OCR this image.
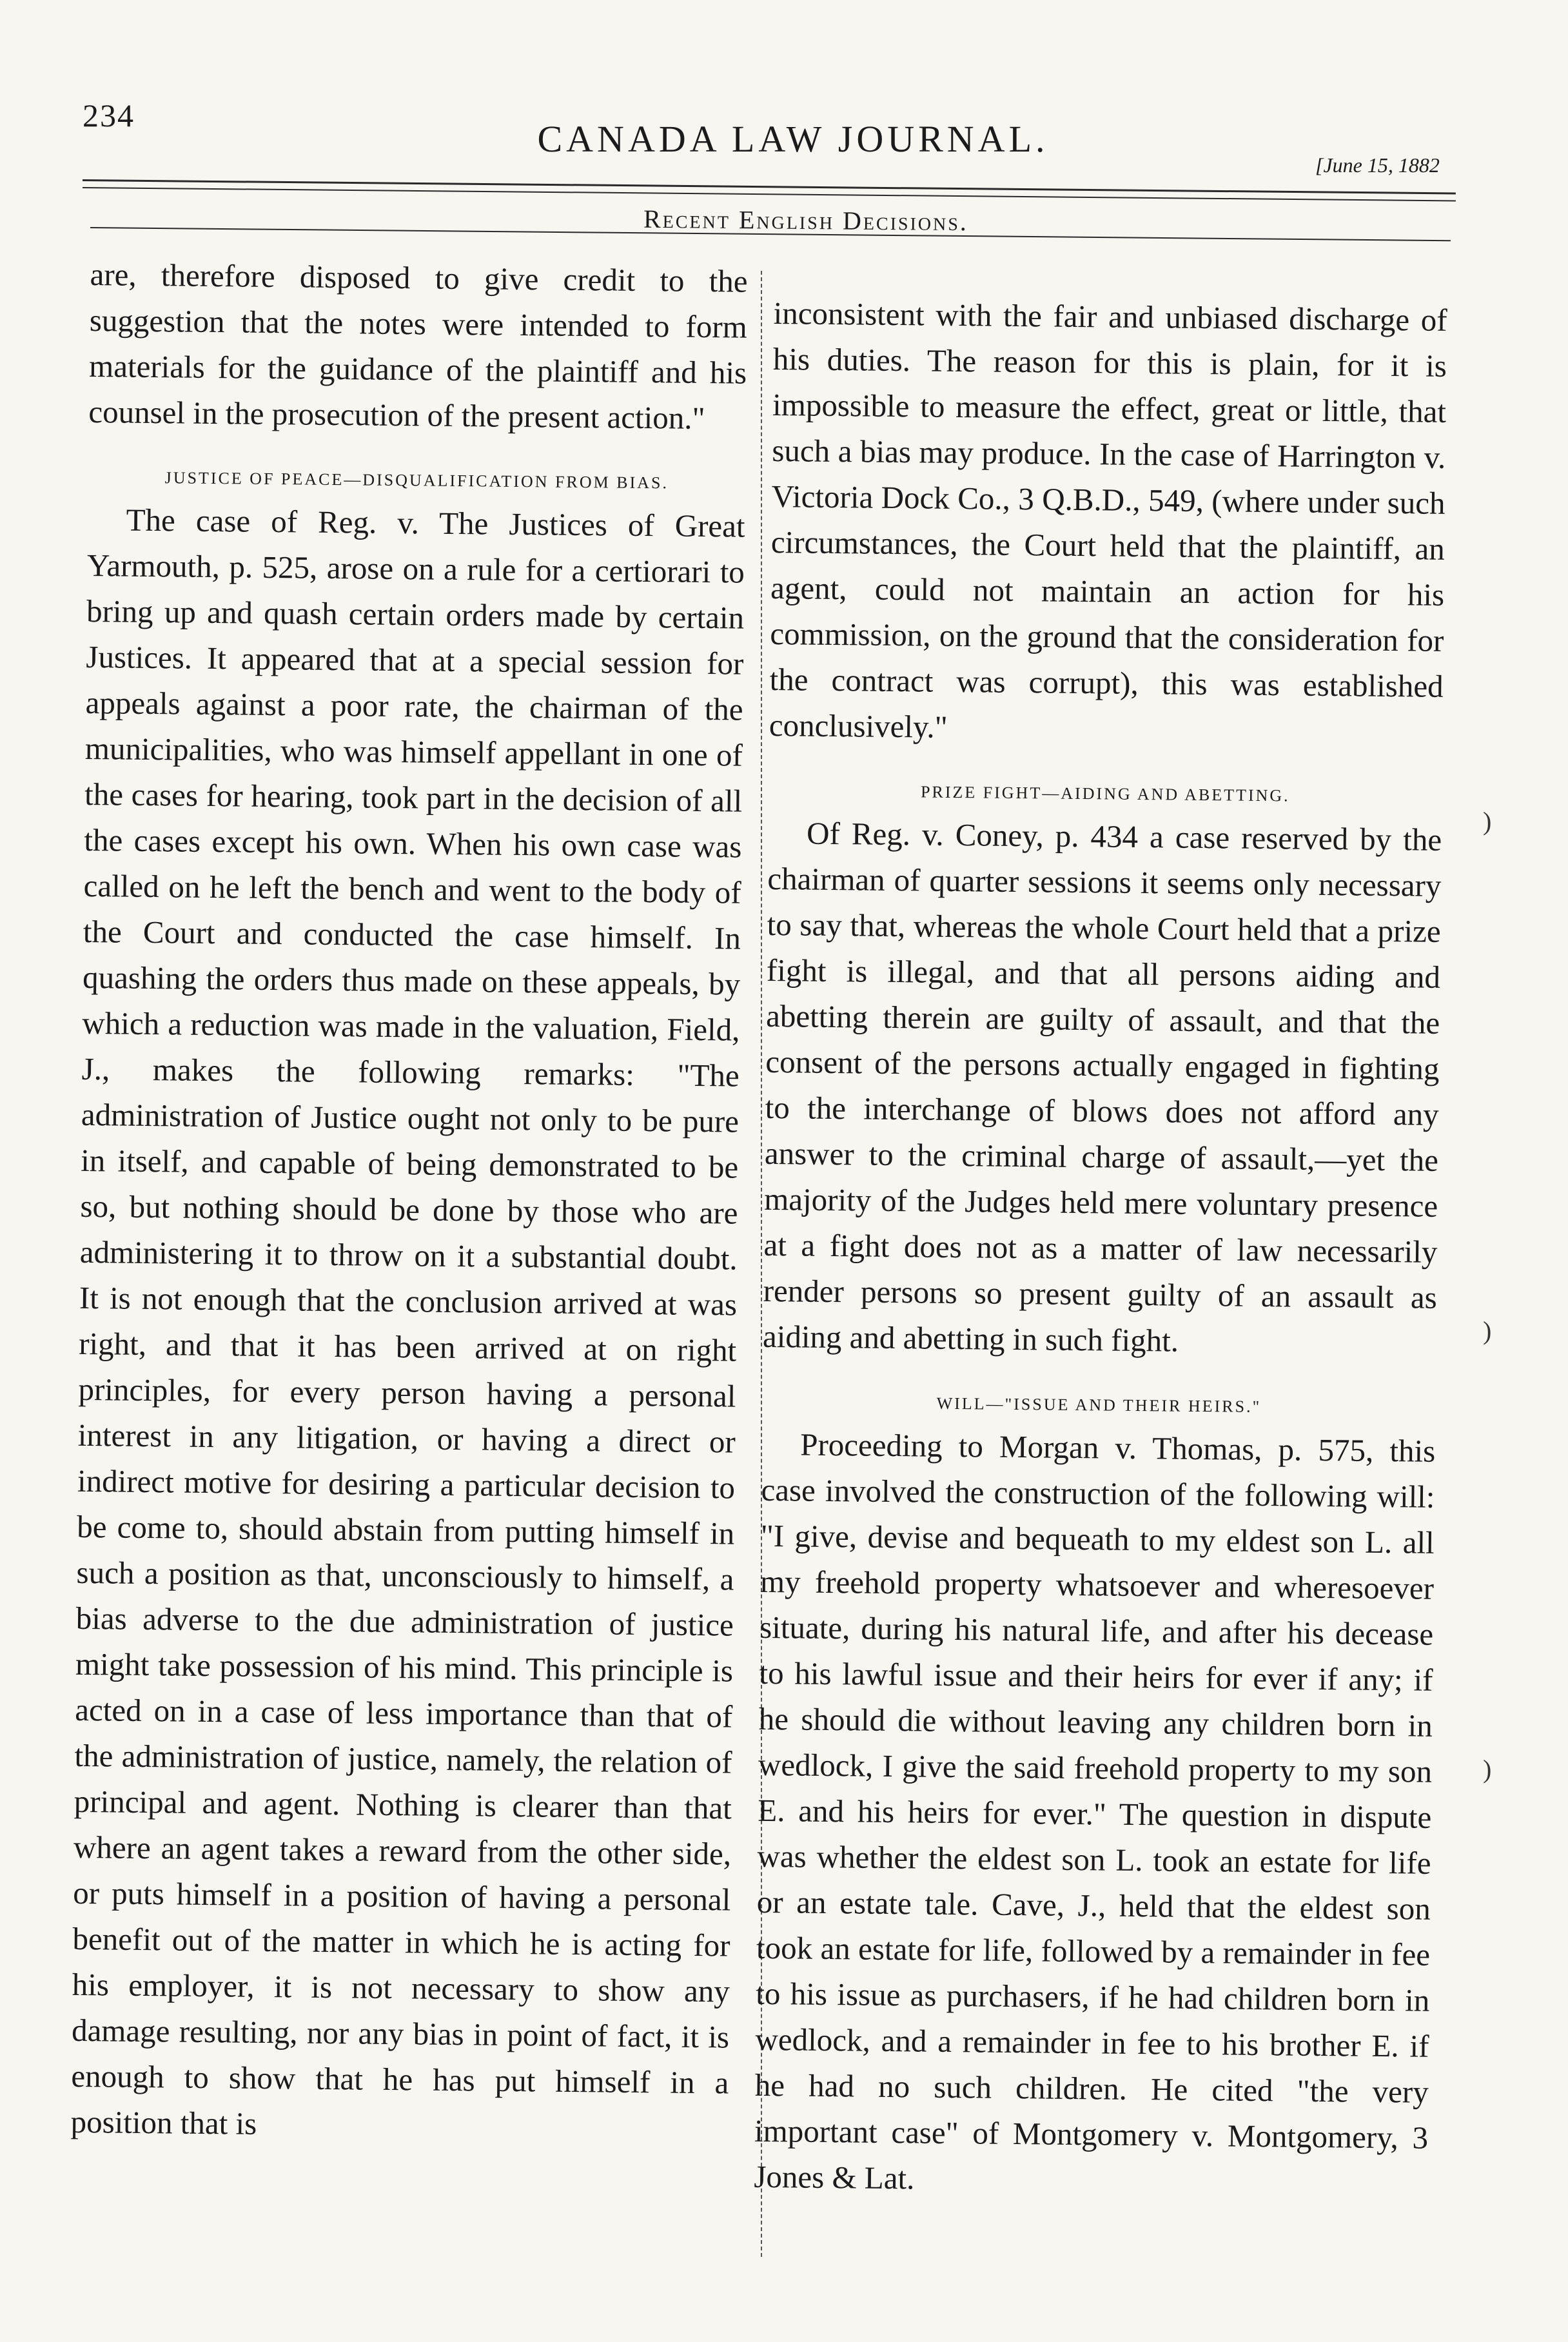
234
CANADA LAW JOURNAL.
[June 15, 1882
Recent English Decisions.

are, therefore disposed to give credit to the suggestion that the notes were intended to form materials for the guidance of the plaintiff and his counsel in the prosecution of the present action."

JUSTICE OF PEACE—DISQUALIFICATION FROM BIAS.

The case of Reg. v. The Justices of Great Yarmouth, p. 525, arose on a rule for a certiorari to bring up and quash certain orders made by certain Justices. It appeared that at a special session for appeals against a poor rate, the chairman of the municipalities, who was himself appellant in one of the cases for hearing, took part in the decision of all the cases except his own. When his own case was called on he left the bench and went to the body of the Court and conducted the case himself. In quashing the orders thus made on these appeals, by which a reduction was made in the valuation, Field, J., makes the following remarks: "The administration of Justice ought not only to be pure in itself, and capable of being demonstrated to be so, but nothing should be done by those who are administering it to throw on it a substantial doubt. It is not enough that the conclusion arrived at was right, and that it has been arrived at on right principles, for every person having a personal interest in any litigation, or having a direct or indirect motive for desiring a particular decision to be come to, should abstain from putting himself in such a position as that, unconsciously to himself, a bias adverse to the due administration of justice might take possession of his mind. This principle is acted on in a case of less importance than that of the administration of justice, namely, the relation of principal and agent. Nothing is clearer than that where an agent takes a reward from the other side, or puts himself in a position of having a personal benefit out of the matter in which he is acting for his employer, it is not necessary to show any damage resulting, nor any bias in point of fact, it is enough to show that he has put himself in a position that is

inconsistent with the fair and unbiased discharge of his duties. The reason for this is plain, for it is impossible to measure the effect, great or little, that such a bias may produce. In the case of Harrington v. Victoria Dock Co., 3 Q.B.D., 549, (where under such circumstances, the Court held that the plaintiff, an agent, could not maintain an action for his commission, on the ground that the consideration for the contract was corrupt), this was established conclusively."

PRIZE FIGHT—AIDING AND ABETTING.

Of Reg. v. Coney, p. 434 a case reserved by the chairman of quarter sessions it seems only necessary to say that, whereas the whole Court held that a prize fight is illegal, and that all persons aiding and abetting therein are guilty of assault, and that the consent of the persons actually engaged in fighting to the interchange of blows does not afford any answer to the criminal charge of assault,—yet the majority of the Judges held mere voluntary presence at a fight does not as a matter of law necessarily render persons so present guilty of an assault as aiding and abetting in such fight.

WILL—"ISSUE AND THEIR HEIRS."

Proceeding to Morgan v. Thomas, p. 575, this case involved the construction of the following will: "I give, devise and bequeath to my eldest son L. all my freehold property whatsoever and wheresoever situate, during his natural life, and after his decease to his lawful issue and their heirs for ever if any; if he should die without leaving any children born in wedlock, I give the said freehold property to my son E. and his heirs for ever." The question in dispute was whether the eldest son L. took an estate for life or an estate tale. Cave, J., held that the eldest son took an estate for life, followed by a remainder in fee to his issue as purchasers, if he had children born in wedlock, and a remainder in fee to his brother E. if he had no such children. He cited "the very important case" of Montgomery v. Montgomery, 3 Jones & Lat.

)
)
)
